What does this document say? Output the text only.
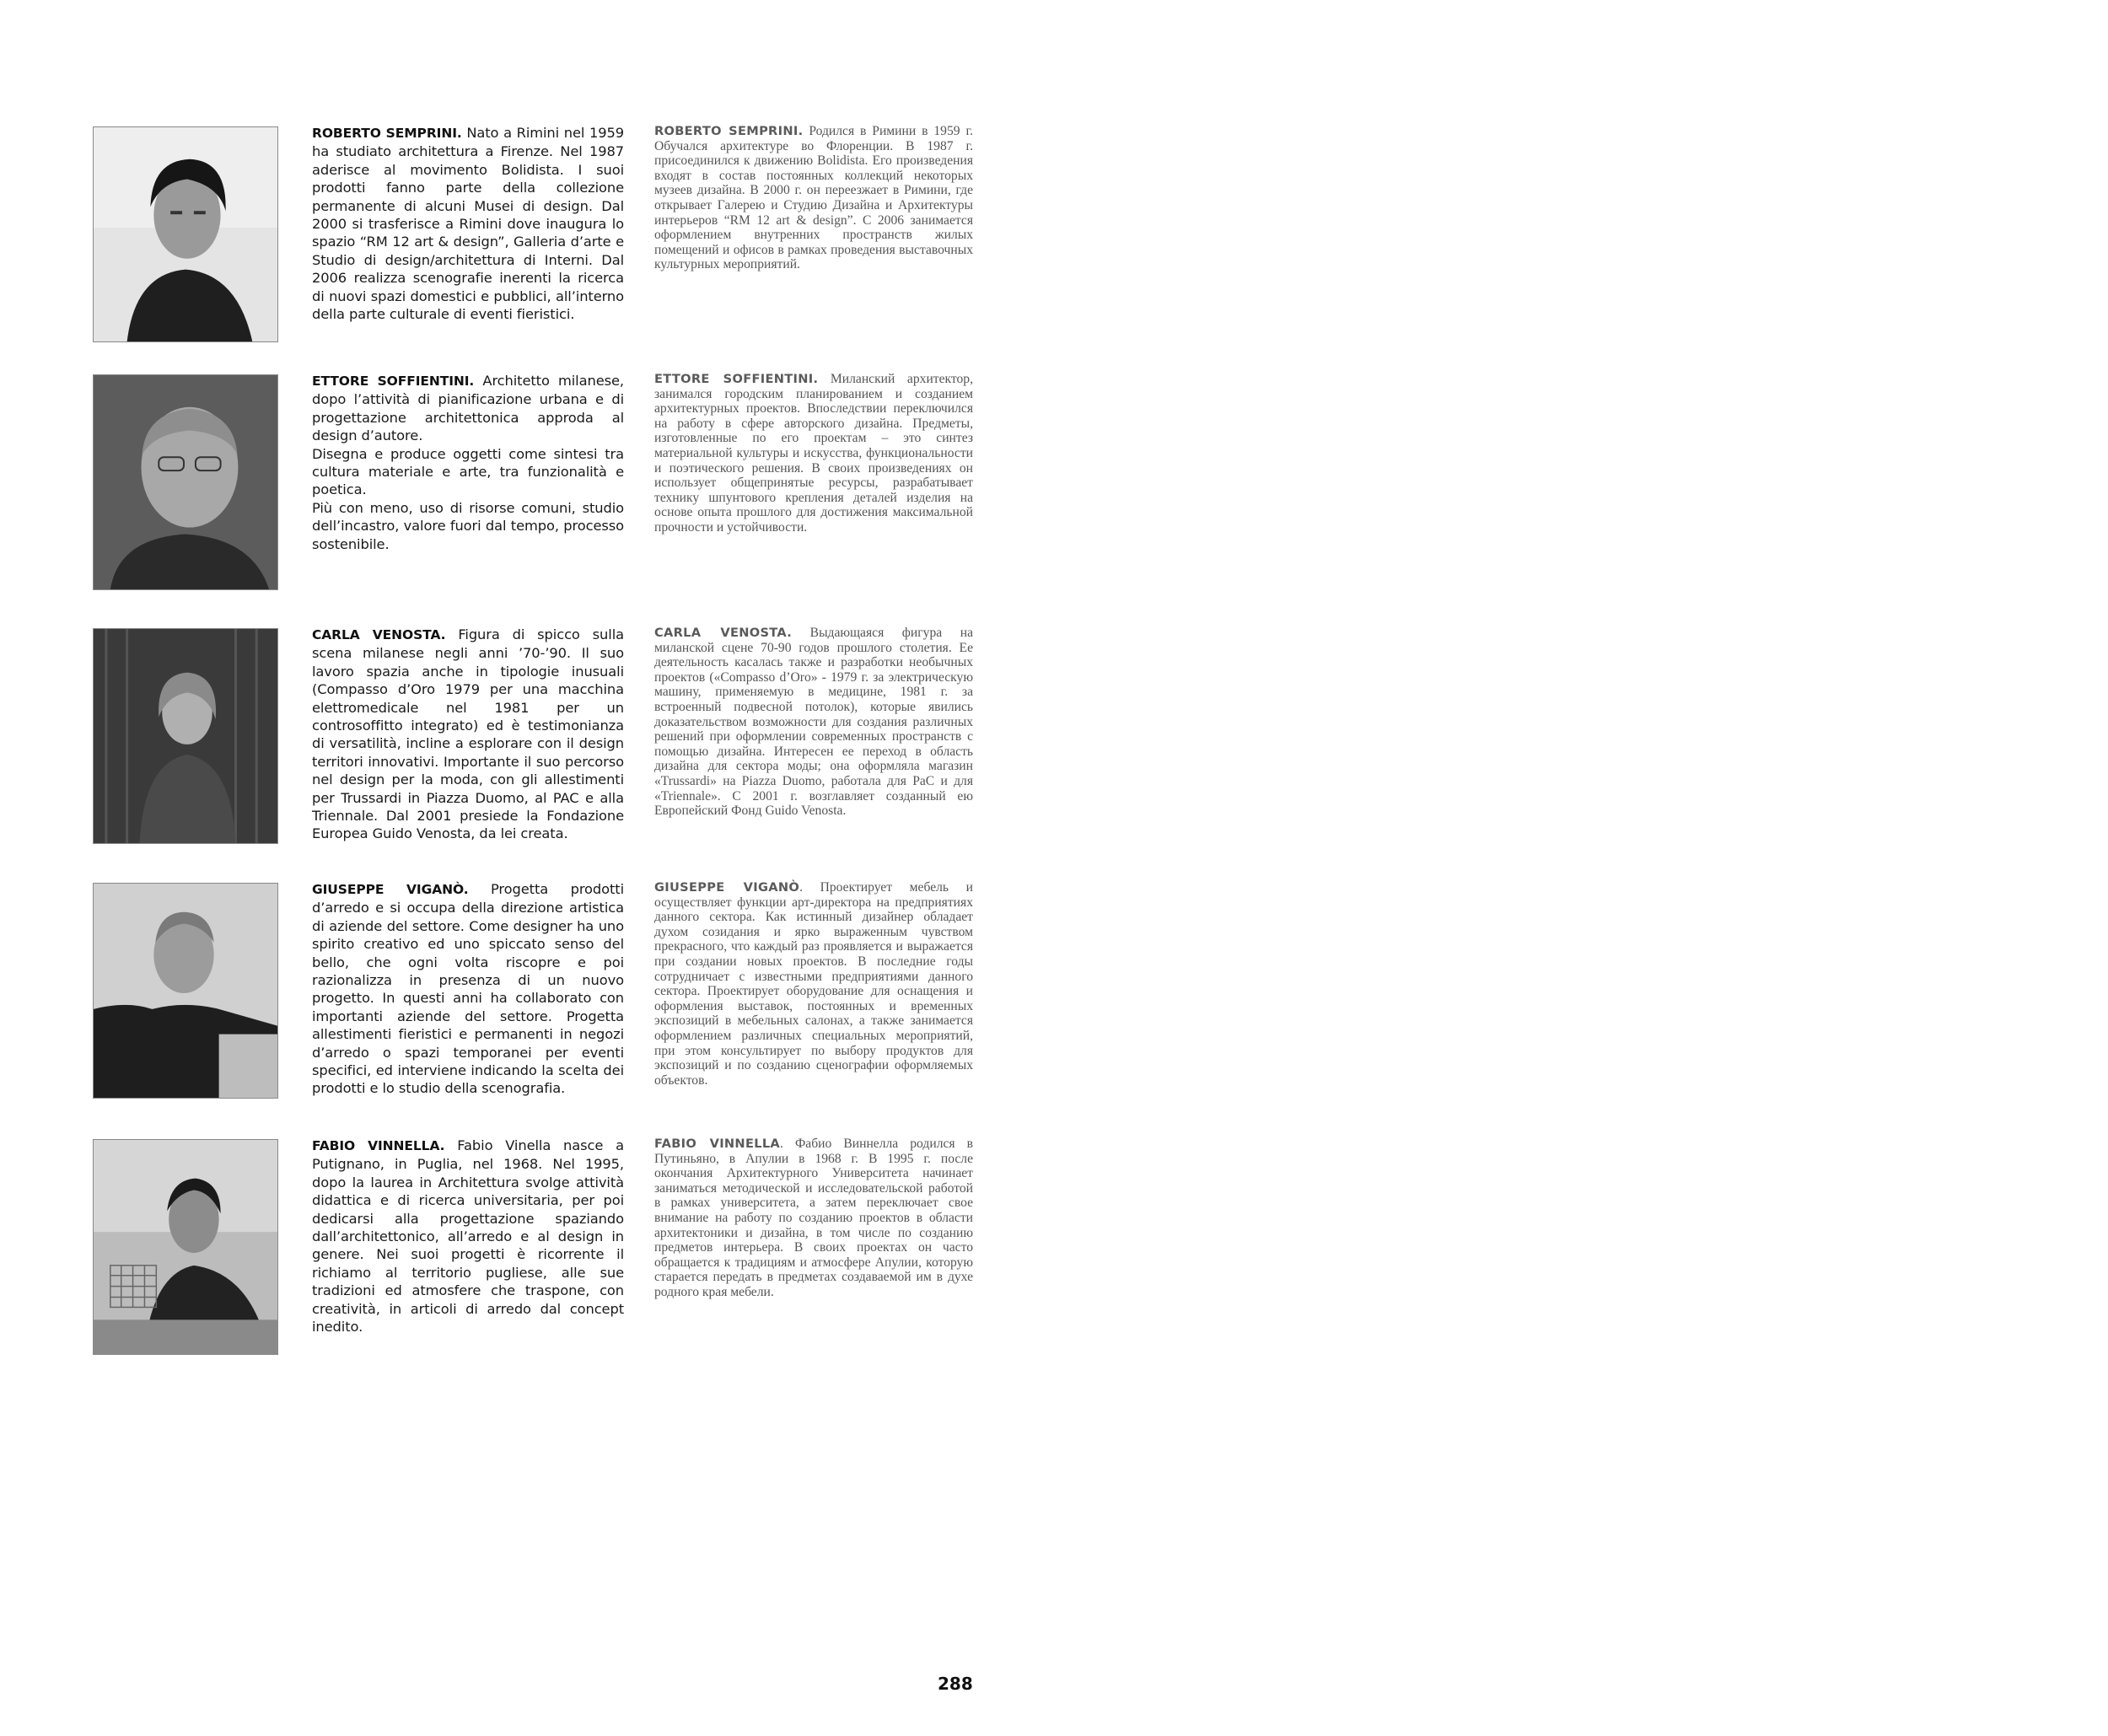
ROBERTO SEMPRINI. Nato a Rimini nel 1959 ha studiato architettura a Firenze. Nel 1987 aderisce al movimento Bolidista. I suoi prodotti fanno parte della collezione permanente di alcuni Musei di design. Dal 2000 si trasferisce a Rimini dove inaugura lo spazio “RM 12 art & design”, Galleria d’arte e Studio di design/architettura di Interni. Dal 2006 realizza scenografie inerenti la ricerca di nuovi spazi domestici e pubblici, all’interno della parte culturale di eventi fieristici.
ROBERTO SEMPRINI. Родился в Римини в 1959 г. Обучался архитектуре во Флоренции. В 1987 г. присоединился к движению Bolidista. Его произведения входят в состав постоянных коллекций некоторых музеев дизайна. В 2000 г. он переезжает в Римини, где открывает Галерею и Студию Дизайна и Архитектуры интерьеров “RM 12 art & design”. С 2006 занимается оформлением внутренних пространств жилых помещений и офисов в рамках проведения выставочных культурных мероприятий.
ETTORE SOFFIENTINI. Architetto milanese, dopo l’attività di pianificazione urbana e di progettazione architettonica approda al design d’autore.
Disegna e produce oggetti come sintesi tra cultura materiale e arte, tra funzionalità e poetica.
Più con meno, uso di risorse comuni, studio dell’incastro, valore fuori dal tempo, processo sostenibile.
ETTORE SOFFIENTINI. Миланский архитектор, занимался городским планированием и созданием архитектурных проектов. Впоследствии переключился на работу в сфере авторского дизайна. Предметы, изготовленные по его проектам – это синтез материальной культуры и искусства, функциональности и поэтического решения. В своих произведениях он использует общепринятые ресурсы, разрабатывает технику шпунтового крепления деталей изделия на основе опыта прошлого для достижения максимальной прочности и устойчивости.
CARLA VENOSTA. Figura di spicco sulla scena milanese negli anni ’70-’90. Il suo lavoro spazia anche in tipologie inusuali (Compasso d’Oro 1979 per una macchina elettromedicale nel 1981 per un controsoffitto integrato) ed è testimonianza di versatilità, incline a esplorare con il design territori innovativi. Importante il suo percorso nel design per la moda, con gli allestimenti per Trussardi in Piazza Duomo, al PAC e alla Triennale. Dal 2001 presiede la Fondazione Europea Guido Venosta, da lei creata.
CARLA VENOSTA. Выдающаяся фигура на миланской сцене 70-90 годов прошлого столетия. Ее деятельность касалась также и разработки необычных проектов («Compasso d’Oro» - 1979 г. за электрическую машину, применяемую в медицине, 1981 г. за встроенный подвесной потолок), которые явились доказательством возможности для создания различных решений при оформлении современных пространств с помощью дизайна. Интересен ее переход в область дизайна для сектора моды; она оформляла магазин «Trussardi» на Piazza Duomo, работала для PaC и для «Triennale». С 2001 г. возглавляет созданный ею Европейский Фонд Guido Venosta.
GIUSEPPE VIGANÒ. Progetta prodotti d’arredo e si occupa della direzione artistica di aziende del settore. Come designer ha uno spirito creativo ed uno spiccato senso del bello, che ogni volta riscopre e poi razionalizza in presenza di un nuovo progetto. In questi anni ha collaborato con importanti aziende del settore. Progetta allestimenti fieristici e permanenti in negozi d’arredo o spazi temporanei per eventi specifici, ed interviene indicando la scelta dei prodotti e lo studio della scenografia.
GIUSEPPE VIGANÒ. Проектирует мебель и осуществляет функции арт-директора на предприятиях данного сектора. Как истинный дизайнер обладает духом созидания и ярко выраженным чувством прекрасного, что каждый раз проявляется и выражается при создании новых проектов. В последние годы сотрудничает с известными предприятиями данного сектора. Проектирует оборудование для оснащения и оформления выставок, постоянных и временных экспозиций в мебельных салонах, а также занимается оформлением различных специальных мероприятий, при этом консультирует по выбору продуктов для экспозиций и по созданию сценографии оформляемых объектов.
FABIO VINNELLA. Fabio Vinella nasce a Putignano, in Puglia, nel 1968. Nel 1995, dopo la laurea in Architettura svolge attività didattica e di ricerca universitaria, per poi dedicarsi alla progettazione spaziando dall’architettonico, all’arredo e al design in genere. Nei suoi progetti è ricorrente il richiamo al territorio pugliese, alle sue tradizioni ed atmosfere che traspone, con creatività, in articoli di arredo dal concept inedito.
FABIO VINNELLA. Фабио Виннелла родился в Путиньяно, в Апулии в 1968 г. В 1995 г. после окончания Архитектурного Университета начинает заниматься методической и исследовательской работой в рамках университета, а затем переключает свое внимание на работу по созданию проектов в области архитектоники и дизайна, в том числе по созданию предметов интерьера. В своих проектах он часто обращается к традициям и атмосфере Апулии, которую старается передать в предметах создаваемой им в духе родного края мебели.
288
